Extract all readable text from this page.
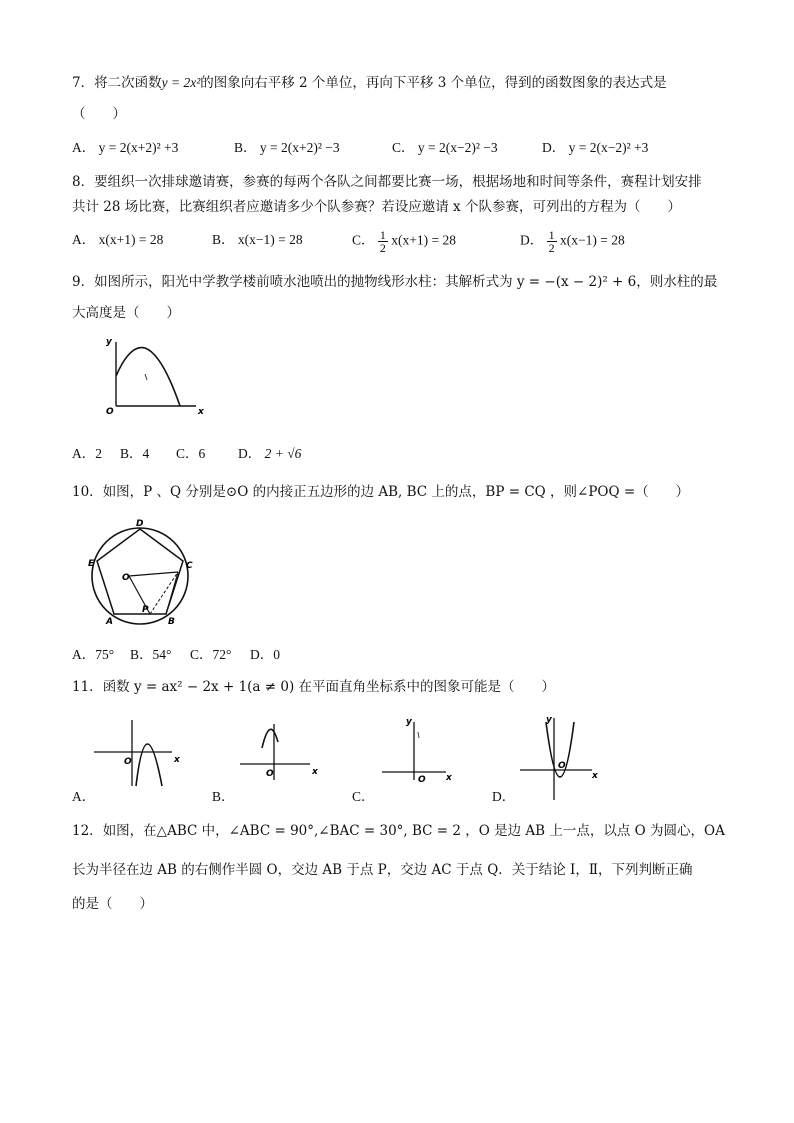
7．将二次函数y = 2x²的图象向右平移 2 个单位，再向下平移 3 个单位，得到的函数图象的表达式是
（　　）
A． y = 2(x+2)² +3	B． y = 2(x+2)² −3	C． y = 2(x−2)² −3	D． y = 2(x−2)² +3
8．要组织一次排球邀请赛，参赛的每两个各队之间都要比赛一场，根据场地和时间等条件，赛程计划安排
共计 28 场比赛，比赛组织者应邀请多少个队参赛？若设应邀请 x 个队参赛，可列出的方程为（　　）
A． x(x+1) = 28	B． x(x−1) = 28	C． $\frac{1}{2} x(x+1) = 28$	D． $\frac{1}{2} x(x-1) = 28$
9．如图所示，阳光中学教学楼前喷水池喷出的抛物线形水柱：其解析式为 y = −(x − 2)² + 6，则水柱的最
大高度是（　　）
y
O	x
A．2 B．4 C．6 D． 2 + √6
10．如图，P 、Q 分别是⊙O 的内接正五边形的边 AB, BC 上的点，BP = CQ ，则∠POQ =（　　）
D
E	C
O
A	B
P
A．75° B．54° C．72° D．0
11．函数 y = ax² − 2x + 1(a ≠ 0) 在平面直角坐标系中的图象可能是（　　）
O	x
O	x
y
O x
y
O
x
A．	B．	C．	D．
12．如图，在△ABC 中，∠ABC = 90°,∠BAC = 30°, BC = 2 ，O 是边 AB 上一点，以点 O 为圆心，OA
长为半径在边 AB 的右侧作半圆 O，交边 AB 于点 P，交边 AC 于点 Q．关于结论 Ⅰ，Ⅱ，下列判断正确
的是（　　）
